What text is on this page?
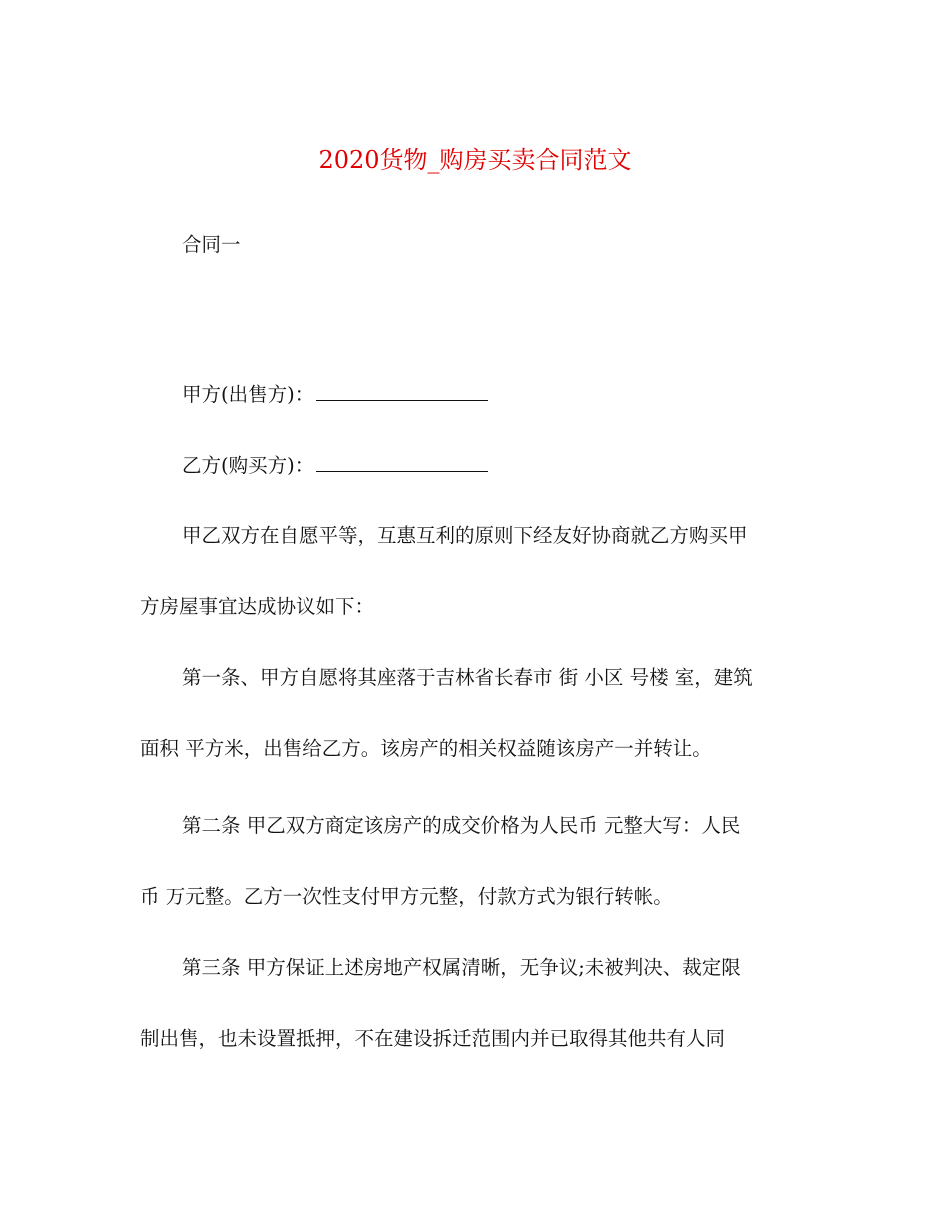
2020货物_购房买卖合同范文
合同一
甲方(出售方)：
乙方(购买方)：
甲乙双方在自愿平等，互惠互利的原则下经友好协商就乙方购买甲
方房屋事宜达成协议如下：
第一条、甲方自愿将其座落于吉林省长春市 街 小区 号楼 室，建筑
面积 平方米，出售给乙方。该房产的相关权益随该房产一并转让。
第二条 甲乙双方商定该房产的成交价格为人民币 元整大写：人民
币 万元整。乙方一次性支付甲方元整，付款方式为银行转帐。
第三条 甲方保证上述房地产权属清晰，无争议;未被判决、裁定限
制出售，也未设置抵押，不在建设拆迁范围内并已取得其他共有人同
